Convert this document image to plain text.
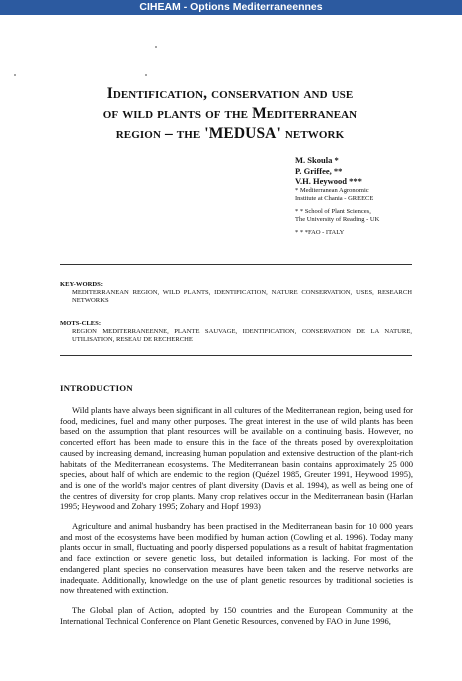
CIHEAM - Options Mediterraneennes
Identification, conservation and use
of wild plants of the Mediterranean
region – the 'MEDUSA' network
M. Skoula *
P. Griffee, **
V.H. Heywood ***
* Mediterranean Agronomic
Institute at Chania - GREECE
* * School of Plant Sciences,
The University of Reading - UK
* * *FAO - ITALY
KEY-WORDS:
MEDITERRANEAN REGION, WILD PLANTS, IDENTIFICATION, NATURE CONSERVATION, USES, RESEARCH NETWORKS
MOTS-CLES:
REGION MEDITERRANEENNE, PLANTE SAUVAGE, IDENTIFICATION, CONSERVATION DE LA NATURE, UTILISATION, RESEAU DE RECHERCHE
INTRODUCTION

Wild plants have always been significant in all cultures of the Mediterranean region, being used for food, medicines, fuel and many other purposes. The great interest in the use of wild plants has been based on the assumption that plant resources will be available on a continuing basis. However, no concerted effort has been made to ensure this in the face of the threats posed by overexploitation caused by increasing demand, increasing human population and extensive destruction of the plant-rich habitats of the Mediterranean ecosystems. The Mediterranean basin contains approximately 25 000 species, about half of which are endemic to the region (Quézel 1985, Greuter 1991, Heywood 1995), and is one of the world's major centres of plant diversity (Davis et al. 1994), as well as being one of the centres of diversity for crop plants. Many crop relatives occur in the Mediterranean basin (Harlan 1995; Heywood and Zohary 1995; Zohary and Hopf 1993)

Agriculture and animal husbandry has been practised in the Mediterranean basin for 10 000 years and most of the ecosystems have been modified by human action (Cowling et al. 1996). Today many plants occur in small, fluctuating and poorly dispersed populations as a result of habitat fragmentation and face extinction or severe genetic loss, but detailed information is lacking. For most of the endangered plant species no conservation measures have been taken and the reserve networks are inadequate. Additionally, knowledge on the use of plant genetic resources by traditional societies is now threatened with extinction.

The Global plan of Action, adopted by 150 countries and the European Community at the International Technical Conference on Plant Genetic Resources, convened by FAO in June 1996,
